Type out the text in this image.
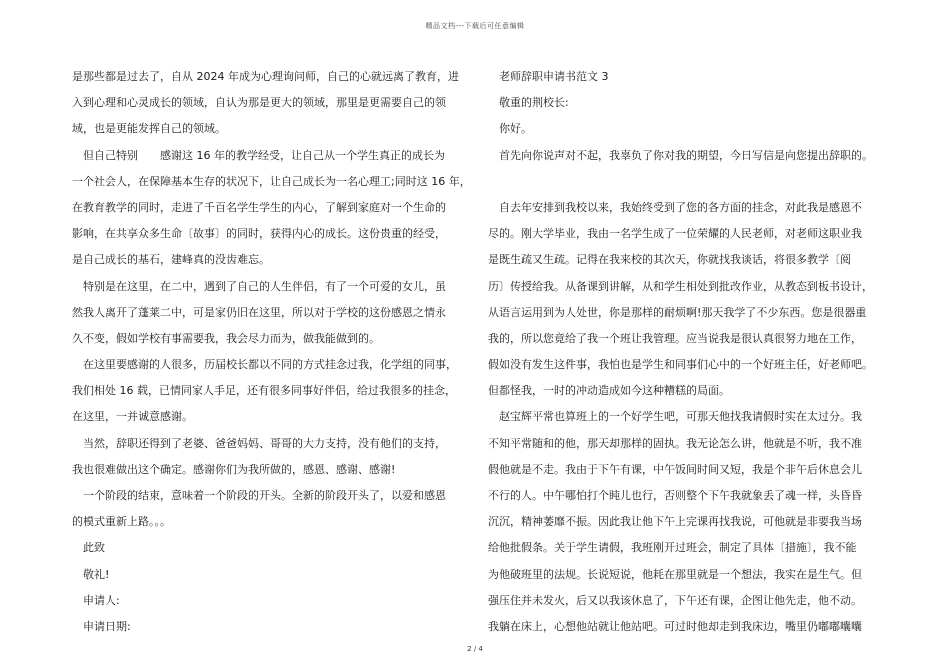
精品文档---下载后可任意编辑
是那些都是过去了，自从 2024 年成为心理询问师，自己的心就远离了教育，进
入到心理和心灵成长的领域，自认为那是更大的领域，那里是更需要自己的领
域，也是更能发挥自己的领域。
　但自己特别　　感谢这 16 年的教学经受，让自己从一个学生真正的成长为
一个社会人，在保障基本生存的状况下，让自己成长为一名心理工;同时这 16 年，
在教育教学的同时，走进了千百名学生学生的内心，了解到家庭对一个生命的
影响，在共享众多生命〔故事〕的同时，获得内心的成长。这份贵重的经受，
是自己成长的基石，建峰真的没齿难忘。
　特别是在这里，在二中，遇到了自己的人生伴侣，有了一个可爱的女儿，虽
然我人离开了蓬莱二中，可是家仍旧在这里，所以对于学校的这份感恩之情永
久不变，假如学校有事需要我，我会尽力而为，做我能做到的。
　在这里要感谢的人很多，历届校长都以不同的方式挂念过我，化学组的同事，
我们相处 16 载，已情同家人手足，还有很多同事好伴侣，给过我很多的挂念，
在这里，一并诚意感谢。
　当然，辞职还得到了老婆、爸爸妈妈、哥哥的大力支持，没有他们的支持，
我也很难做出这个确定。感谢你们为我所做的，感恩、感谢、感谢!
　一个阶段的结束，意味着一个阶段的开头。全新的阶段开头了，以爱和感恩
的模式重新上路。。。
　此致
　敬礼!
　申请人:
　申请日期:
　老师辞职申请书范文 3
　敬重的荆校长:
　你好。
　首先向你说声对不起，我辜负了你对我的期望，今日写信是向您提出辞职的。
　自去年安排到我校以来，我始终受到了您的各方面的挂念，对此我是感恩不
尽的。刚大学毕业，我由一名学生成了一位荣耀的人民老师，对老师这职业我
是既生疏又生疏。记得在我来校的其次天，你就找我谈话，将很多教学〔阅
历〕传授给我。从备课到讲解，从和学生相处到批改作业，从教态到板书设计，
从语言运用到为人处世，你是那样的耐烦啊!那天我学了不少东西。您是很器重
我的，所以您竟给了我一个班让我管理。应当说我是很认真很努力地在工作，
假如没有发生这件事，我怕也是学生和同事们心中的一个好班主任，好老师吧。
但都怪我，一时的冲动造成如今这种糟糕的局面。
　赵宝辉平常也算班上的一个好学生吧，可那天他找我请假时实在太过分。我
不知平常随和的他，那天却那样的固执。我无论怎么讲，他就是不听，我不准
假他就是不走。我由于下午有课，中午饭间时间又短，我是个非午后休息会儿
不行的人。中午哪怕打个盹儿也行，否则整个下午我就象丢了魂一样，头昏昏
沉沉，精神萎靡不振。因此我让他下午上完课再找我说，可他就是非要我当场
给他批假条。关于学生请假，我班刚开过班会，制定了具体〔措施〕，我不能
为他破班里的法规。长说短说，他耗在那里就是一个想法，我实在是生气。但
强压住并未发火，后又以我该休息了，下午还有课，企图让他先走，他不动。
我躺在床上，心想他站就让他站吧。可过时他却走到我床边，嘴里仍嘟嘟囔囔
2 / 4
